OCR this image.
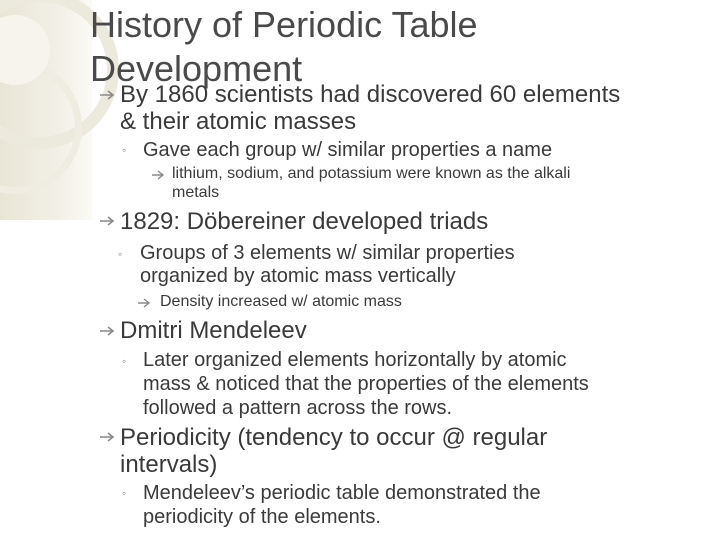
History of Periodic Table
Development
By 1860 scientists had discovered 60 elements
& their atomic masses
◦ Gave each group w/ similar properties a name
lithium, sodium, and potassium were known as the alkali
metals
1829: Döbereiner developed triads
◦ Groups of 3 elements w/ similar properties
organized by atomic mass vertically
Density increased w/ atomic mass
Dmitri Mendeleev
◦ Later organized elements horizontally by atomic
mass & noticed that the properties of the elements
followed a pattern across the rows.
Periodicity (tendency to occur @ regular
intervals)
◦ Mendeleev’s periodic table demonstrated the
periodicity of the elements.
